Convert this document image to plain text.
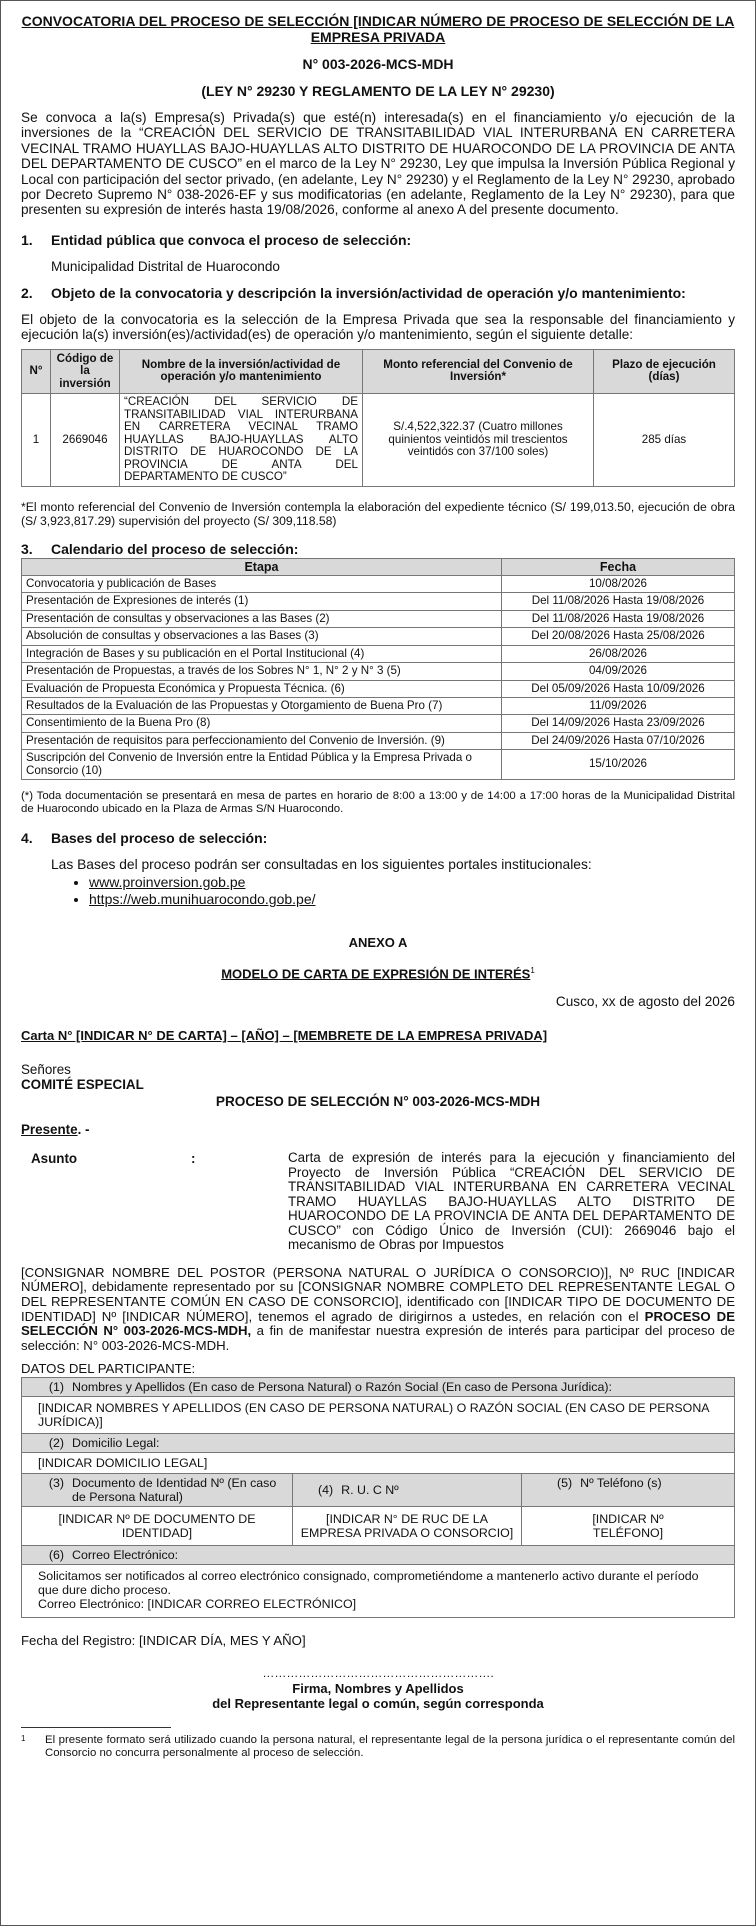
CONVOCATORIA DEL PROCESO DE SELECCIÓN [INDICAR NÚMERO DE PROCESO DE SELECCIÓN DE LA EMPRESA PRIVADA

N° 003-2026-MCS-MDH

(LEY N° 29230 Y REGLAMENTO DE LA LEY N° 29230)

Se convoca a la(s) Empresa(s) Privada(s) que esté(n) interesada(s) en el financiamiento y/o ejecución de la inversiones de la “CREACIÓN DEL SERVICIO DE TRANSITABILIDAD VIAL INTERURBANA EN CARRETERA VECINAL TRAMO HUAYLLAS BAJO-HUAYLLAS ALTO DISTRITO DE HUAROCONDO DE LA PROVINCIA DE ANTA DEL DEPARTAMENTO DE CUSCO” en el marco de la Ley N° 29230, Ley que impulsa la Inversión Pública Regional y Local con participación del sector privado, (en adelante, Ley N° 29230) y el Reglamento de la Ley N° 29230, aprobado por Decreto Supremo N° 038-2026-EF y sus modificatorias (en adelante, Reglamento de la Ley N° 29230), para que presenten su expresión de interés hasta 19/08/2026, conforme al anexo A del presente documento.

1.	Entidad pública que convoca el proceso de selección:

Municipalidad Distrital de Huarocondo

2.	Objeto de la convocatoria y descripción la inversión/actividad de operación y/o mantenimiento:

El objeto de la convocatoria es la selección de la Empresa Privada que sea la responsable del financiamiento y ejecución la(s) inversión(es)/actividad(es) de operación y/o mantenimiento, según el siguiente detalle:

N°	Código de la inversión	Nombre de la inversión/actividad de operación y/o mantenimiento	Monto referencial del Convenio de Inversión*	Plazo de ejecución (días)
1	2669046	“CREACIÓN DEL SERVICIO DE TRANSITABILIDAD VIAL INTERURBANA EN CARRETERA VECINAL TRAMO HUAYLLAS BAJO-HUAYLLAS ALTO DISTRITO DE HUAROCONDO DE LA PROVINCIA DE ANTA DEL DEPARTAMENTO DE CUSCO”	S/.4,522,322.37 (Cuatro millones quinientos veintidós mil trescientos veintidós con 37/100 soles)	285 días

*El monto referencial del Convenio de Inversión contempla la elaboración del expediente técnico (S/ 199,013.50, ejecución de obra (S/ 3,923,817.29) supervisión del proyecto (S/ 309,118.58)

3.	Calendario del proceso de selección:
Etapa	Fecha
Convocatoria y publicación de Bases	10/08/2026
Presentación de Expresiones de interés (1)	Del 11/08/2026 Hasta 19/08/2026
Presentación de consultas y observaciones a las Bases (2)	Del 11/08/2026 Hasta 19/08/2026
Absolución de consultas y observaciones a las Bases (3)	Del 20/08/2026 Hasta 25/08/2026
Integración de Bases y su publicación en el Portal Institucional (4)	26/08/2026
Presentación de Propuestas, a través de los Sobres N° 1, N° 2 y N° 3 (5)	04/09/2026
Evaluación de Propuesta Económica y Propuesta Técnica. (6)	Del 05/09/2026 Hasta 10/09/2026
Resultados de la Evaluación de las Propuestas y Otorgamiento de Buena Pro (7)	11/09/2026
Consentimiento de la Buena Pro (8)	Del 14/09/2026 Hasta 23/09/2026
Presentación de requisitos para perfeccionamiento del Convenio de Inversión. (9)	Del 24/09/2026 Hasta 07/10/2026
Suscripción del Convenio de Inversión entre la Entidad Pública y la Empresa Privada o Consorcio (10)	15/10/2026

(*) Toda documentación se presentará en mesa de partes en horario de 8:00 a 13:00 y de 14:00 a 17:00 horas de la Municipalidad Distrital de Huarocondo ubicado en la Plaza de Armas S/N Huarocondo.

4.	Bases del proceso de selección:

Las Bases del proceso podrán ser consultadas en los siguientes portales institucionales:

• www.proinversion.gob.pe
• https://web.munihuarocondo.gob.pe/

ANEXO A

MODELO DE CARTA DE EXPRESIÓN DE INTERÉS$^1$

Cusco, xx de agosto del 2026

Carta N° [INDICAR N° DE CARTA] – [AÑO] – [MEMBRETE DE LA EMPRESA PRIVADA]

Señores

COMITÉ ESPECIAL

PROCESO DE SELECCIÓN N° 003-2026-MCS-MDH

Presente. -

Asunto	:	Carta de expresión de interés para la ejecución y financiamiento del Proyecto de Inversión Pública “CREACIÓN DEL SERVICIO DE TRANSITABILIDAD VIAL INTERURBANA EN CARRETERA VECINAL TRAMO HUAYLLAS BAJO-HUAYLLAS ALTO DISTRITO DE HUAROCONDO DE LA PROVINCIA DE ANTA DEL DEPARTAMENTO DE CUSCO” con Código Único de Inversión (CUI): 2669046 bajo el mecanismo de Obras por Impuestos

[CONSIGNAR NOMBRE DEL POSTOR (PERSONA NATURAL O JURÍDICA O CONSORCIO)], Nº RUC [INDICAR NÚMERO], debidamente representado por su [CONSIGNAR NOMBRE COMPLETO DEL REPRESENTANTE LEGAL O DEL REPRESENTANTE COMÚN EN CASO DE CONSORCIO], identificado con [INDICAR TIPO DE DOCUMENTO DE IDENTIDAD] Nº [INDICAR NÚMERO], tenemos el agrado de dirigirnos a ustedes, en relación con el PROCESO DE SELECCIÓN N° 003-2026-MCS-MDH, a fin de manifestar nuestra expresión de interés para participar del proceso de selección: N° 003-2026-MCS-MDH.

DATOS DEL PARTICIPANTE:

(1) Nombres y Apellidos (En caso de Persona Natural) o Razón Social (En caso de Persona Jurídica):		

[INDICAR NOMBRES Y APELLIDOS (EN CASO DE PERSONA NATURAL) O RAZÓN SOCIAL (EN CASO DE PERSONA JURÍDICA)]		

(2) Domicilio Legal:		

[INDICAR DOMICILIO LEGAL]		

(3) Documento de Identidad Nº (En caso de Persona Natural)	(4) R. U. C Nº	(5) Nº Teléfono (s)

[INDICAR Nº DE DOCUMENTO DE IDENTIDAD]	[INDICAR N° DE RUC DE LA EMPRESA PRIVADA O CONSORCIO]	[INDICAR Nº TELÉFONO]

(6) Correo Electrónico:		

Solicitamos ser notificados al correo electrónico consignado, comprometiéndome a mantenerlo activo durante el período que dure dicho proceso.
Correo Electrónico: [INDICAR CORREO ELECTRÓNICO]		

Fecha del Registro: [INDICAR DÍA, MES Y AÑO]

………………………………………………….

Firma, Nombres y Apellidos

del Representante legal o común, según corresponda

1	El presente formato será utilizado cuando la persona natural, el representante legal de la persona jurídica o el representante común del Consorcio no concurra personalmente al proceso de selección.
